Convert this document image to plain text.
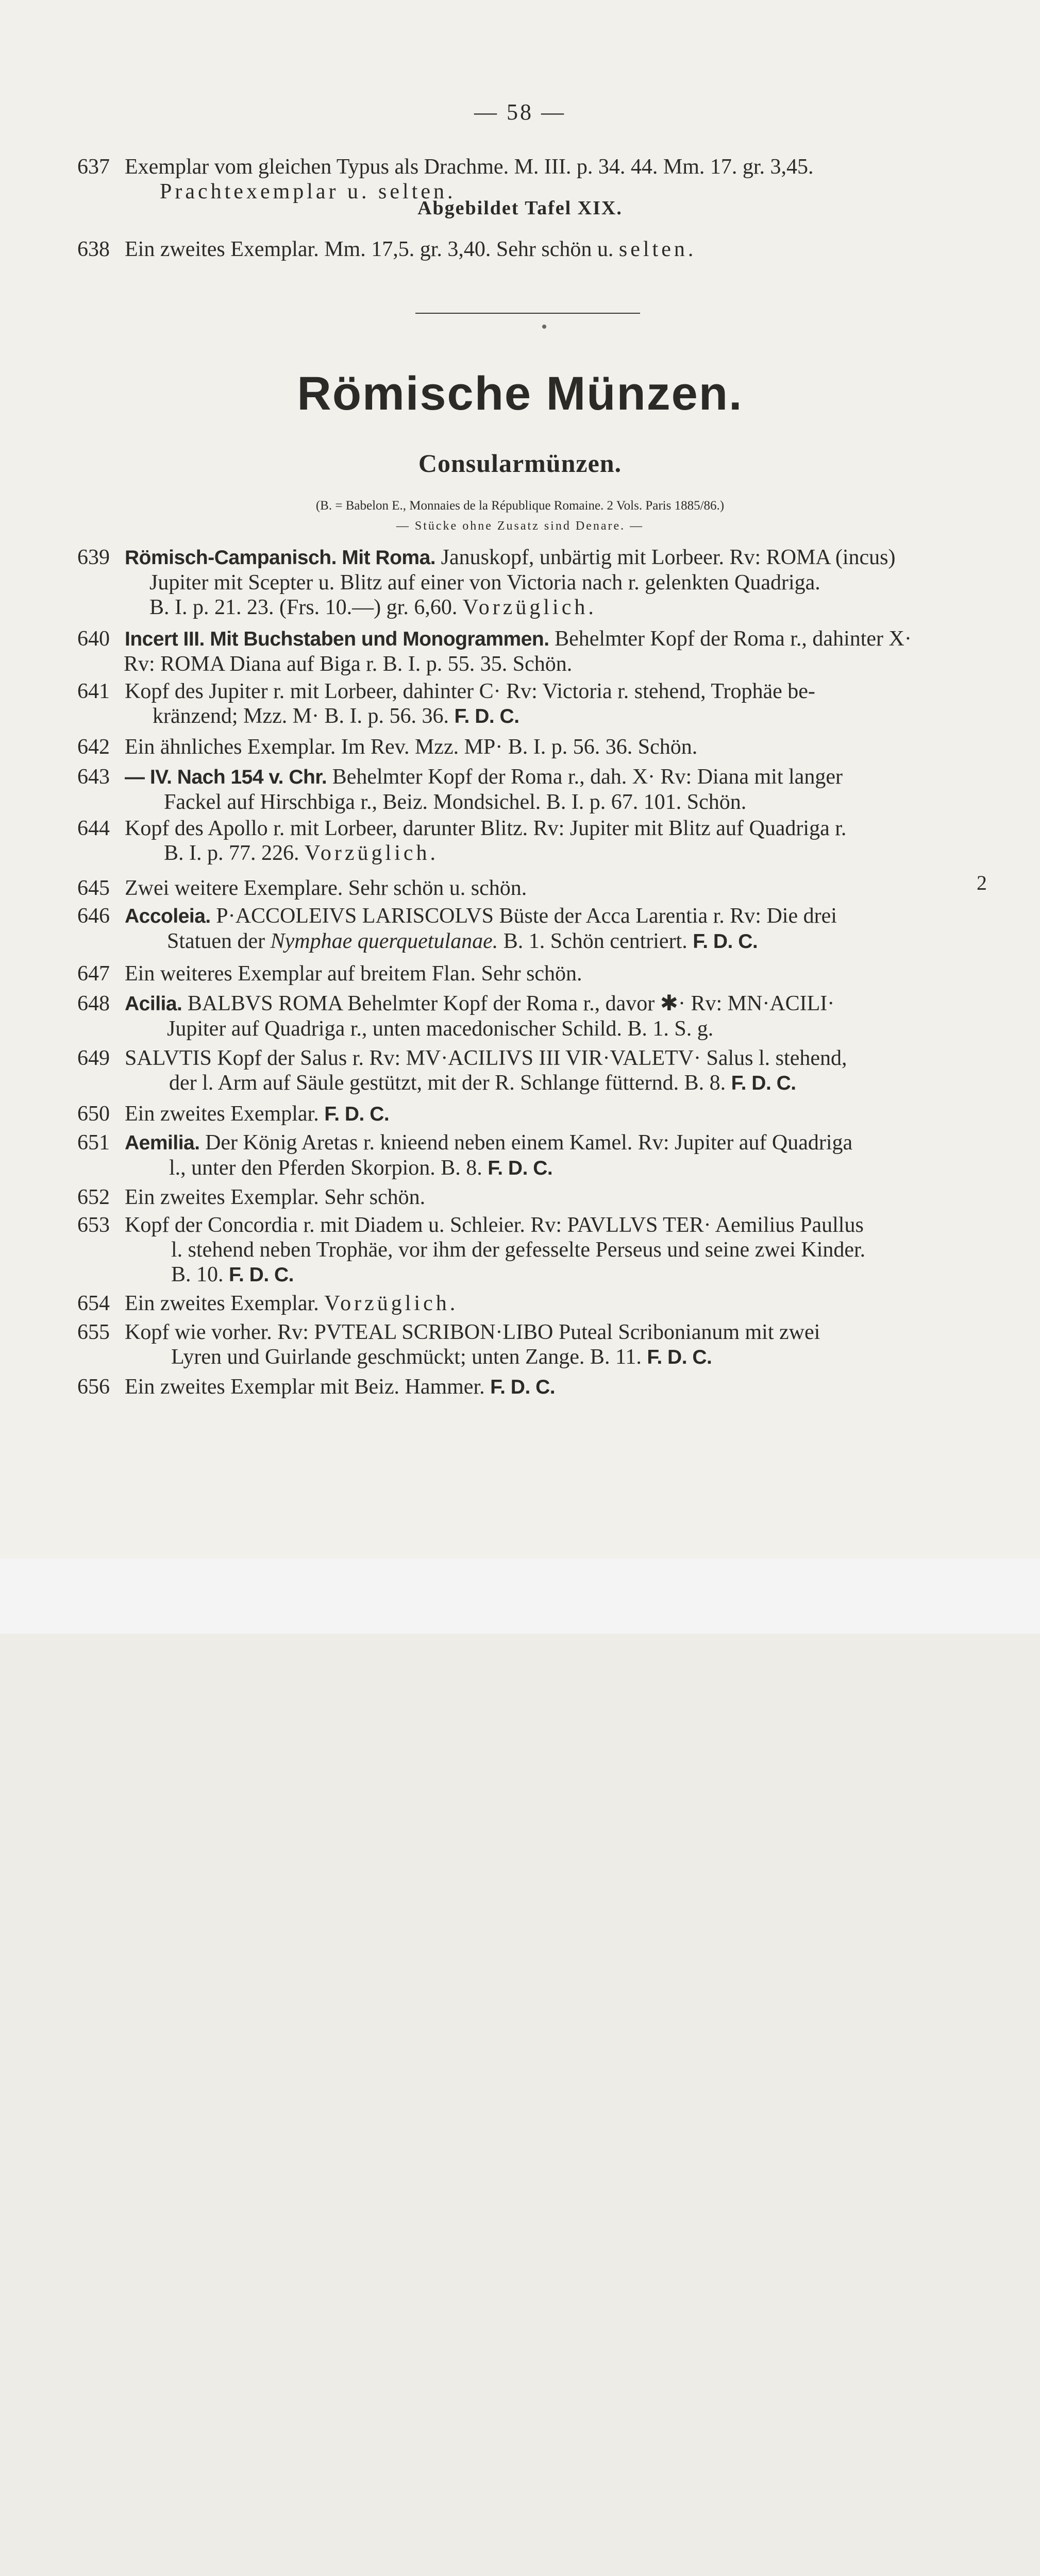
— 58 —
637 Exemplar vom gleichen Typus als Drachme. M. III. p. 34. 44. Mm. 17. gr. 3,45.
Prachtexemplar u. selten.
Abgebildet Tafel XIX.
638 Ein zweites Exemplar. Mm. 17,5. gr. 3,40. Sehr schön u. selten.
Römische Münzen.
Consularmünzen.
(B. = Babelon E., Monnaies de la République Romaine. 2 Vols. Paris 1885/86.)
— Stücke ohne Zusatz sind Denare. —
639 Römisch-Campanisch. Mit Roma. Januskopf, unbärtig mit Lorbeer. Rv: ROMA (incus)
Jupiter mit Scepter u. Blitz auf einer von Victoria nach r. gelenkten Quadriga.
B. I. p. 21. 23. (Frs. 10.—) gr. 6,60. Vorzüglich.
640 Incert III. Mit Buchstaben und Monogrammen. Behelmter Kopf der Roma r., dahinter X·
Rv: ROMA Diana auf Biga r. B. I. p. 55. 35. Schön.
641 Kopf des Jupiter r. mit Lorbeer, dahinter C· Rv: Victoria r. stehend, Trophäe be-
kränzend; Mzz. M· B. I. p. 56. 36. F. D. C.
642 Ein ähnliches Exemplar. Im Rev. Mzz. MP· B. I. p. 56. 36. Schön.
643 — IV. Nach 154 v. Chr. Behelmter Kopf der Roma r., dah. X· Rv: Diana mit langer
Fackel auf Hirschbiga r., Beiz. Mondsichel. B. I. p. 67. 101. Schön.
644 Kopf des Apollo r. mit Lorbeer, darunter Blitz. Rv: Jupiter mit Blitz auf Quadriga r.
B. I. p. 77. 226. Vorzüglich.
645 Zwei weitere Exemplare. Sehr schön u. schön.	2
646 Accoleia. P·ACCOLEIVS LARISCOLVS Büste der Acca Larentia r. Rv: Die drei
Statuen der Nymphae querquetulanae. B. 1. Schön centriert. F. D. C.
647 Ein weiteres Exemplar auf breitem Flan. Sehr schön.
648 Acilia. BALBVS ROMA Behelmter Kopf der Roma r., davor ✱· Rv: MN·ACILI·
Jupiter auf Quadriga r., unten macedonischer Schild. B. 1. S. g.
649 SALVTIS Kopf der Salus r. Rv: MV·ACILIVS III VIR·VALETV· Salus l. stehend,
der l. Arm auf Säule gestützt, mit der R. Schlange fütternd. B. 8. F. D. C.
650 Ein zweites Exemplar. F. D. C.
651 Aemilia. Der König Aretas r. knieend neben einem Kamel. Rv: Jupiter auf Quadriga
l., unter den Pferden Skorpion. B. 8. F. D. C.
652 Ein zweites Exemplar. Sehr schön.
653 Kopf der Concordia r. mit Diadem u. Schleier. Rv: PAVLLVS TER· Aemilius Paullus
l. stehend neben Trophäe, vor ihm der gefesselte Perseus und seine zwei Kinder.
B. 10. F. D. C.
654 Ein zweites Exemplar. Vorzüglich.
655 Kopf wie vorher. Rv: PVTEAL SCRIBON·LIBO Puteal Scribonianum mit zwei
Lyren und Guirlande geschmückt; unten Zange. B. 11. F. D. C.
656 Ein zweites Exemplar mit Beiz. Hammer. F. D. C.
